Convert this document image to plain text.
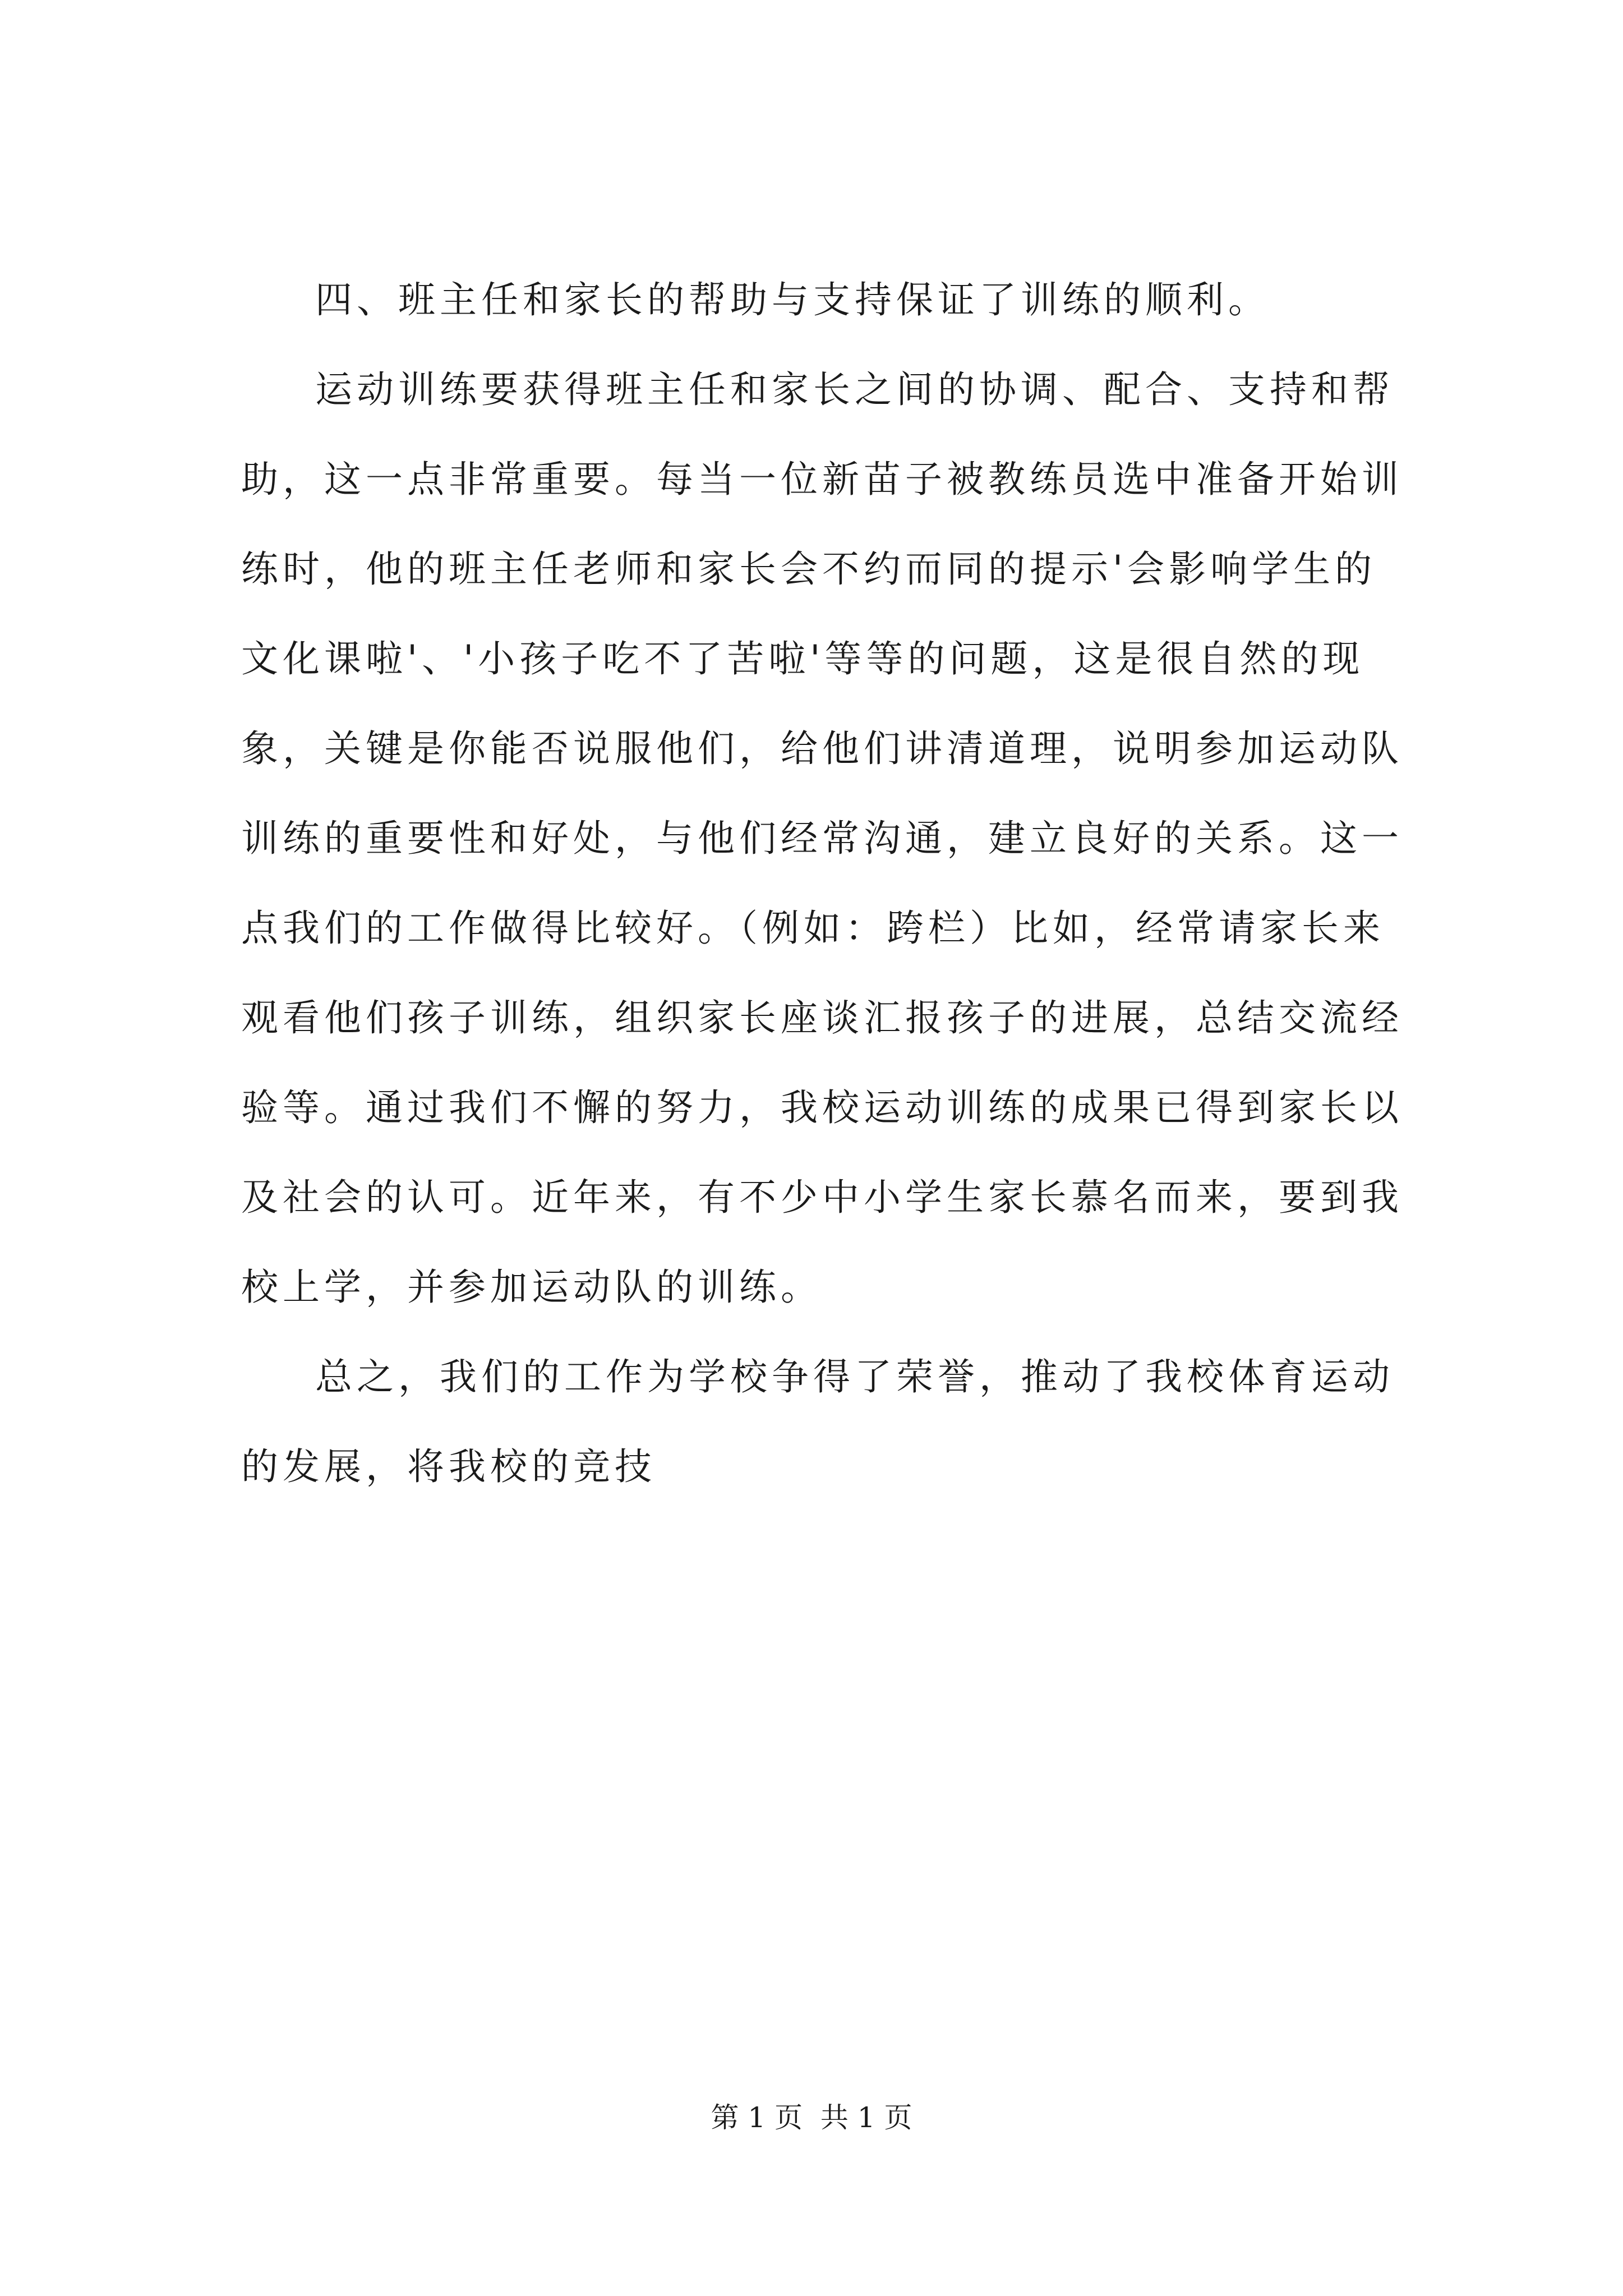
四、班主任和家长的帮助与支持保证了训练的顺利。
运动训练要获得班主任和家长之间的协调、配合、支持和帮
助，这一点非常重要。每当一位新苗子被教练员选中准备开始训
练时，他的班主任老师和家长会不约而同的提示'会影响学生的
文化课啦'、'小孩子吃不了苦啦'等等的问题，这是很自然的现
象，关键是你能否说服他们，给他们讲清道理，说明参加运动队
训练的重要性和好处，与他们经常沟通，建立良好的关系。这一
点我们的工作做得比较好。（例如：跨栏）比如，经常请家长来
观看他们孩子训练，组织家长座谈汇报孩子的进展，总结交流经
验等。通过我们不懈的努力，我校运动训练的成果已得到家长以
及社会的认可。近年来，有不少中小学生家长慕名而来，要到我
校上学，并参加运动队的训练。
总之，我们的工作为学校争得了荣誉，推动了我校体育运动
的发展，将我校的竞技
第 1 页  共 1 页
